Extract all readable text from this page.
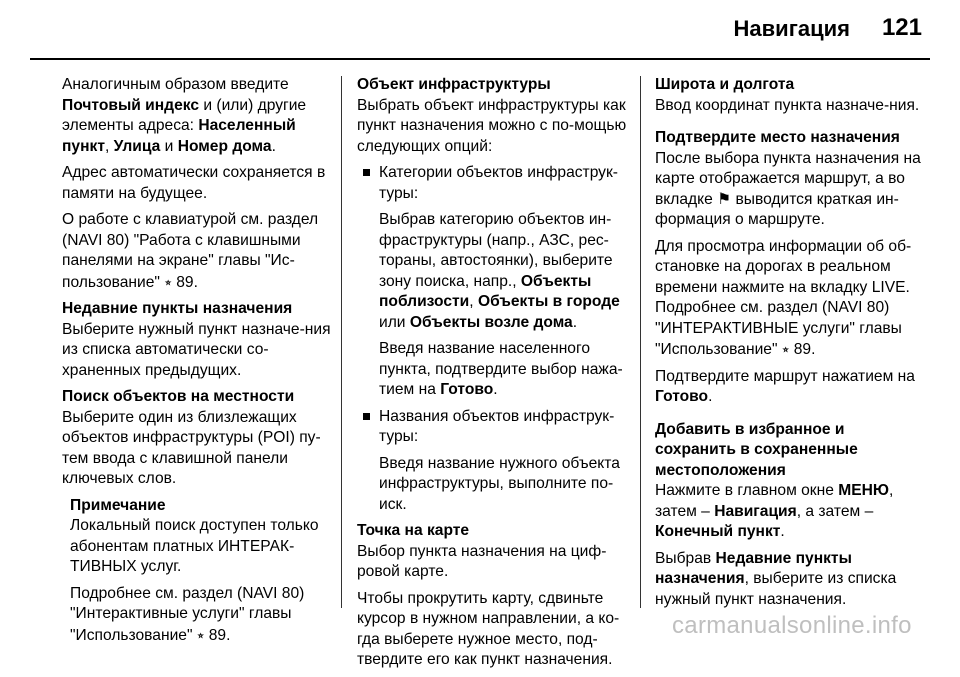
Навигация 121

Аналогичным образом введите Почтовый индекс и (или) другие элементы адреса: Населенный пункт, Улица и Номер дома.

Адрес автоматически сохраняется в памяти на будущее.

О работе с клавиатурой см. раздел (NAVI 80) "Работа с клавишными панелями на экране" главы "Ис-пользование" ⭒ 89.

Недавние пункты назначения

Выберите нужный пункт назначе-ния из списка автоматически со-храненных предыдущих.

Поиск объектов на местности

Выберите один из близлежащих объектов инфраструктуры (POI) пу-тем ввода с клавишной панели ключевых слов.

Примечание

Локальный поиск доступен только абонентам платных ИНТЕРАК-ТИВНЫХ услуг.

Подробнее см. раздел (NAVI 80) "Интерактивные услуги" главы "Использование" ⭒ 89.

Объект инфраструктуры

Выбрать объект инфраструктуры как пункт назначения можно с по-мощью следующих опций:

Категории объектов инфраструк-туры:

Выбрав категорию объектов ин-фраструктуры (напр., АЗС, рес-тораны, автостоянки), выберите зону поиска, напр., Объекты поблизости, Объекты в городе или Объекты возле дома.

Введя название населенного пункта, подтвердите выбор нажа-тием на Готово.

Названия объектов инфраструк-туры:

Введя название нужного объекта инфраструктуры, выполните по-иск.

Точка на карте

Выбор пункта назначения на циф-ровой карте.

Чтобы прокрутить карту, сдвиньте курсор в нужном направлении, а ко-гда выберете нужное место, под-твердите его как пункт назначения.

Широта и долгота

Ввод координат пункта назначе-ния.

Подтвердите место назначения

После выбора пункта назначения на карте отображается маршрут, а во вкладке ⚑ выводится краткая ин-формация о маршруте.

Для просмотра информации об об-становке на дорогах в реальном времени нажмите на вкладку LIVE. Подробнее см. раздел (NAVI 80) "ИНТЕРАКТИВНЫЕ услуги" главы "Использование" ⭒ 89.

Подтвердите маршрут нажатием на Готово.

Добавить в избранное и сохранить в сохраненные местоположения

Нажмите в главном окне МЕНЮ, затем – Навигация, а затем – Конечный пункт.

Выбрав Недавние пункты назначения, выберите из списка нужный пункт назначения.

carmanualsonline.info
